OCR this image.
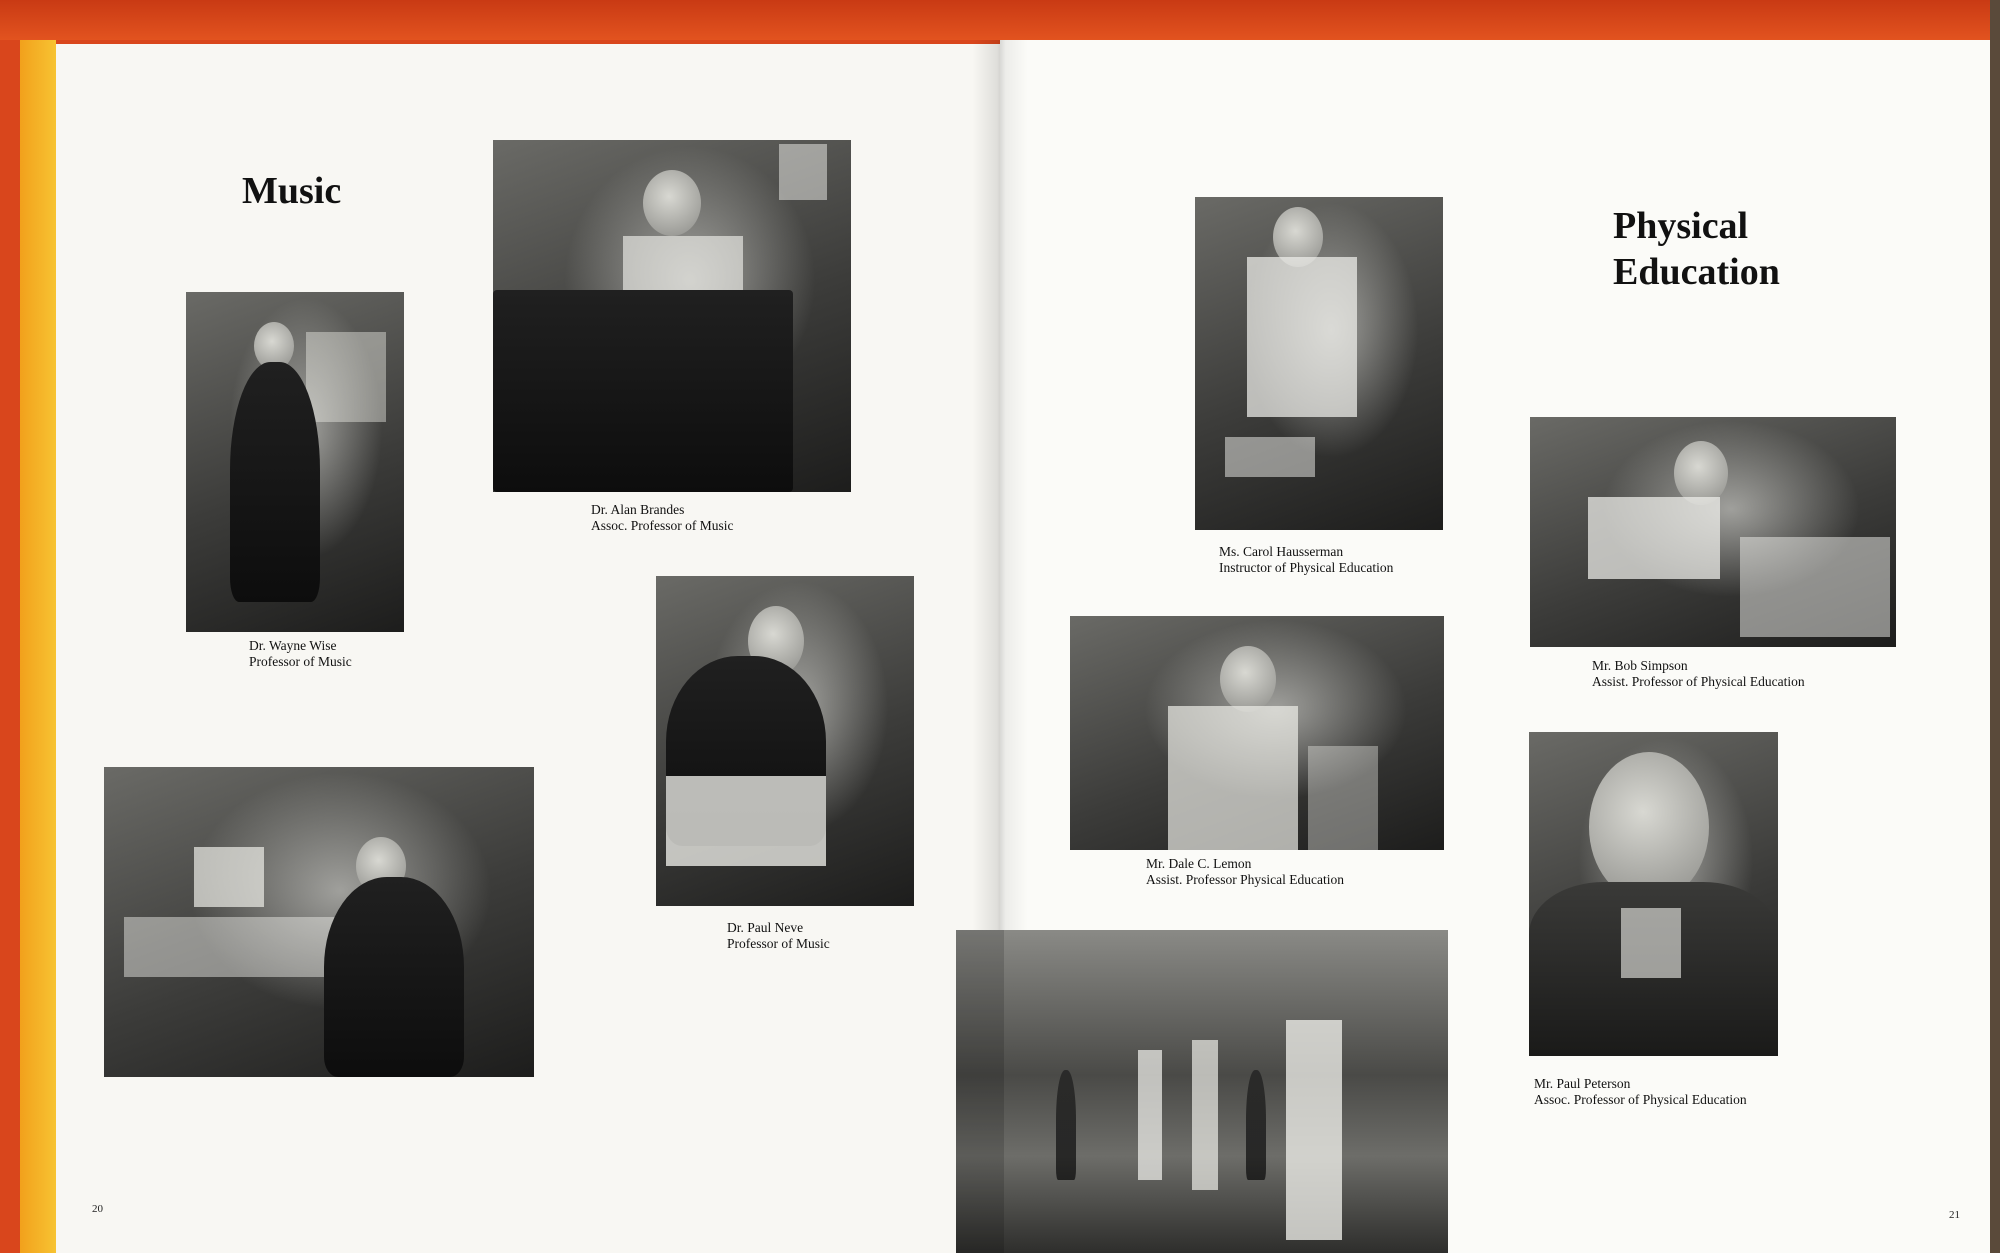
Music

Dr. Wayne Wise
Professor of Music

Dr. Alan Brandes
Assoc. Professor of Music

Dr. Paul Neve
Professor of Music

20

Physical
Education

Ms. Carol Hausserman
Instructor of Physical Education

Mr. Bob Simpson
Assist. Professor of Physical Education

Mr. Dale C. Lemon
Assist. Professor Physical Education

Mr. Paul Peterson
Assoc. Professor of Physical Education

21
